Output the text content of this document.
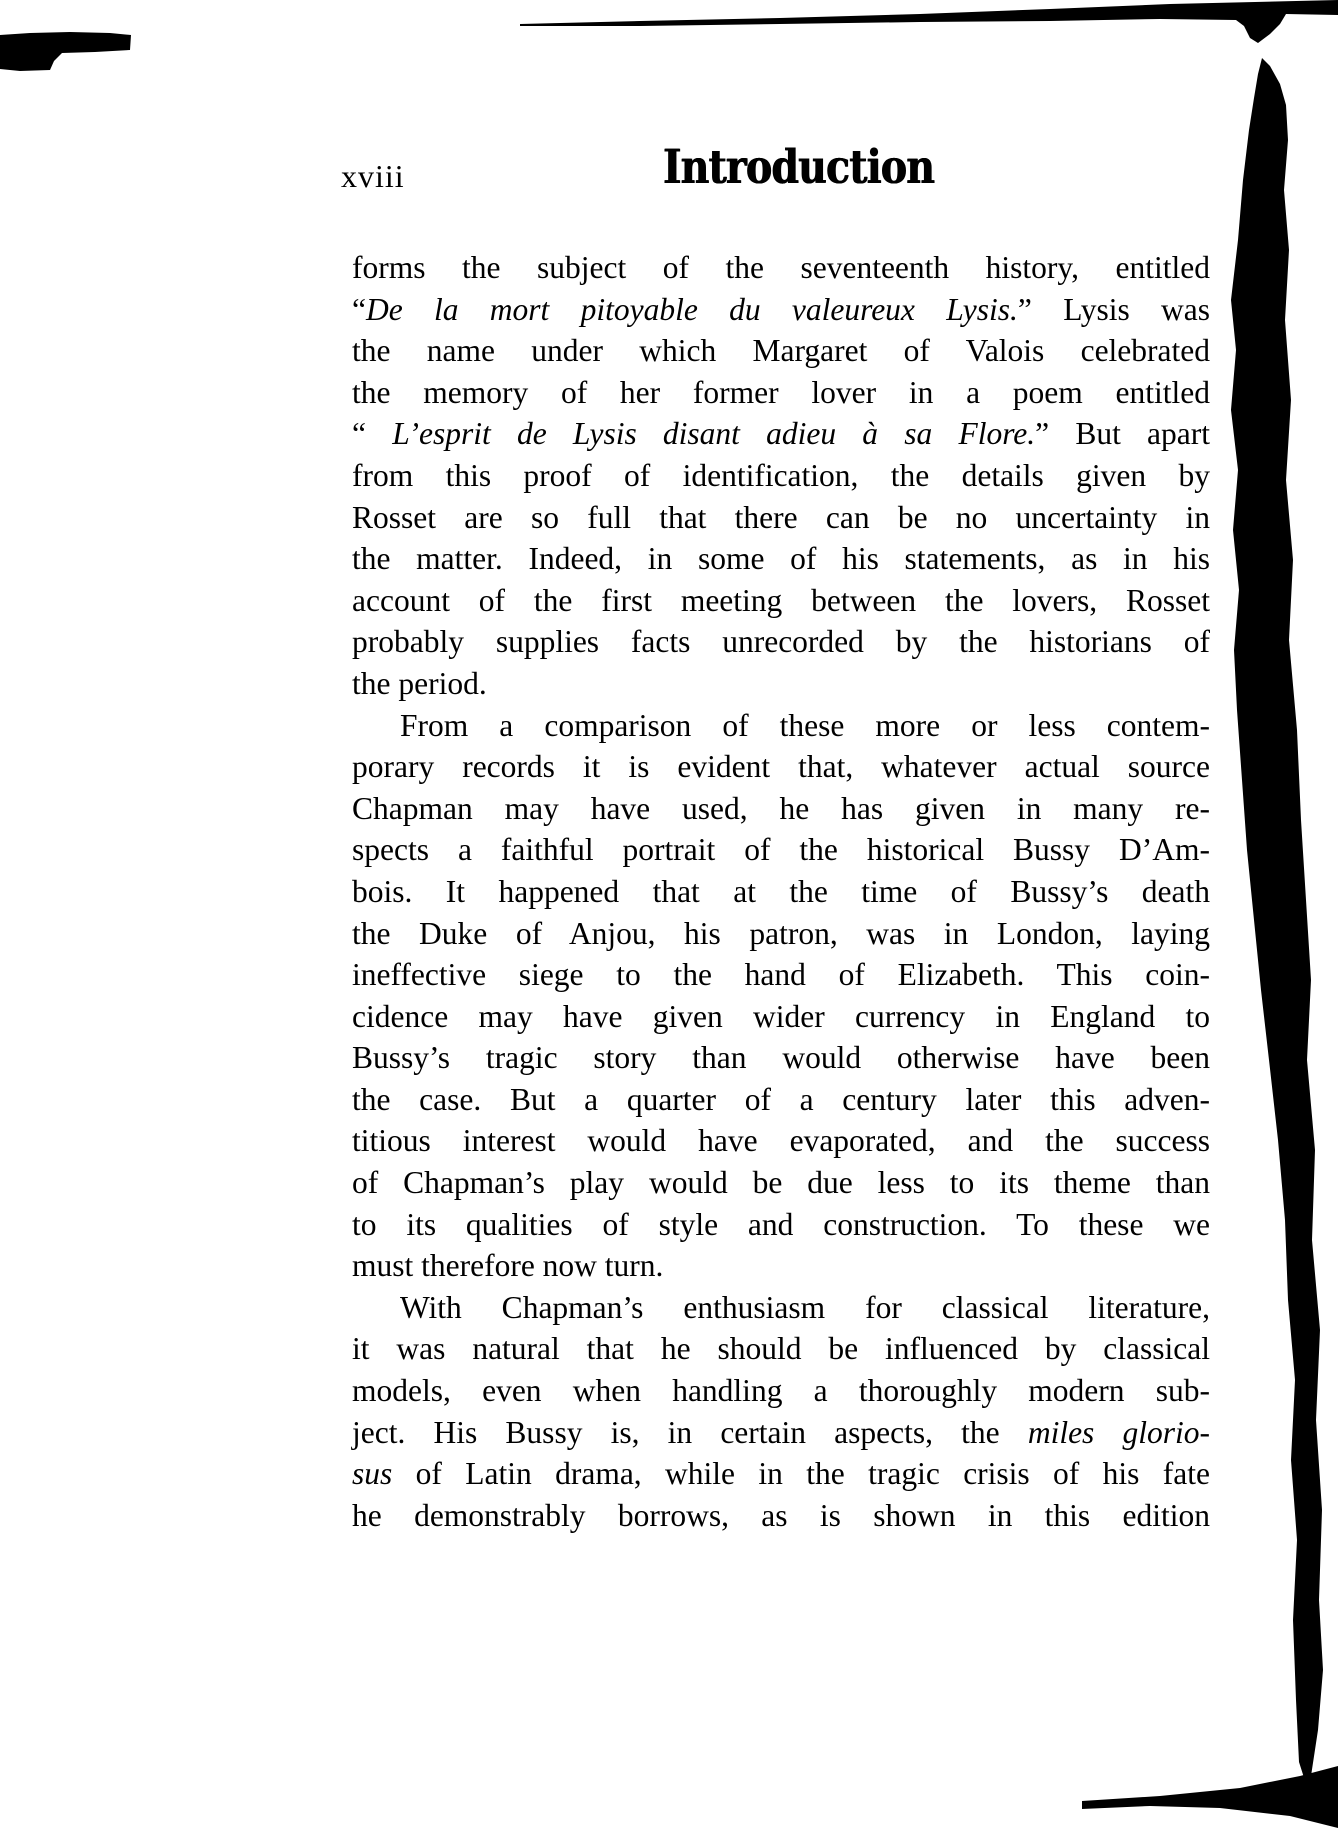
xviii	Introduction
forms the subject of the seventeenth history, entitled
“De la mort pitoyable du valeureux Lysis.” Lysis was
the name under which Margaret of Valois celebrated
the memory of her former lover in a poem entitled
“ L’esprit de Lysis disant adieu à sa Flore.” But apart
from this proof of identification, the details given by
Rosset are so full that there can be no uncertainty in
the matter. Indeed, in some of his statements, as in his
account of the first meeting between the lovers, Rosset
probably supplies facts unrecorded by the historians of
the period.
From a comparison of these more or less contem-
porary records it is evident that, whatever actual source
Chapman may have used, he has given in many re-
spects a faithful portrait of the historical Bussy D’Am-
bois. It happened that at the time of Bussy’s death
the Duke of Anjou, his patron, was in London, laying
ineffective siege to the hand of Elizabeth. This coin-
cidence may have given wider currency in England to
Bussy’s tragic story than would otherwise have been
the case. But a quarter of a century later this adven-
titious interest would have evaporated, and the success
of Chapman’s play would be due less to its theme than
to its qualities of style and construction. To these we
must therefore now turn.
With Chapman’s enthusiasm for classical literature,
it was natural that he should be influenced by classical
models, even when handling a thoroughly modern sub-
ject. His Bussy is, in certain aspects, the miles glorio-
sus of Latin drama, while in the tragic crisis of his fate
he demonstrably borrows, as is shown in this edition
